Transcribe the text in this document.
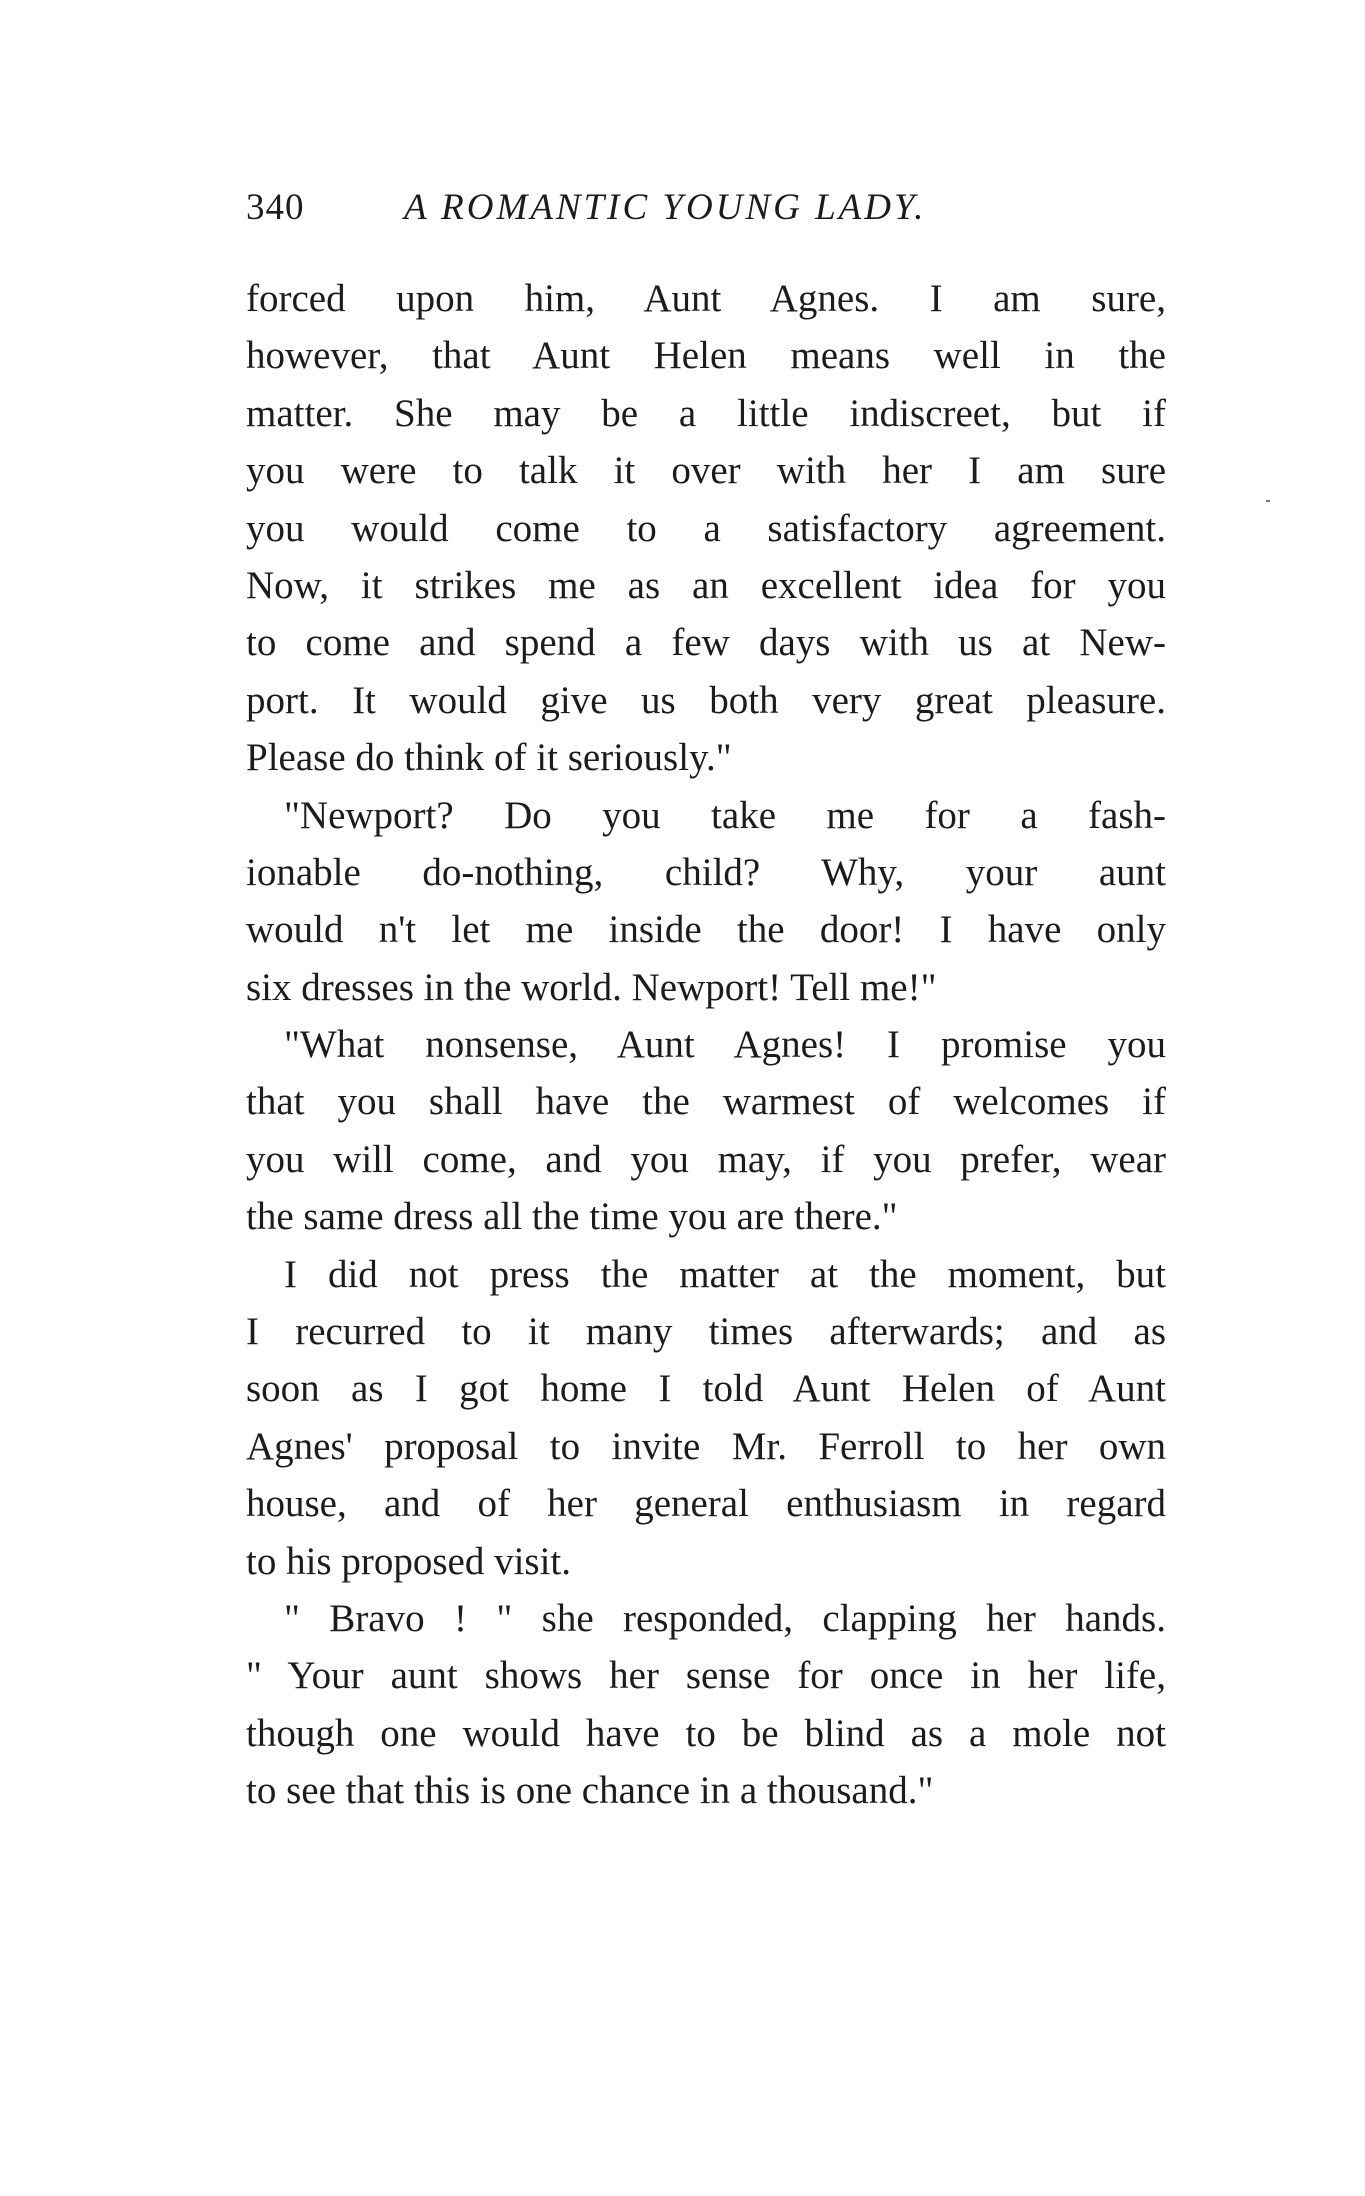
340	A ROMANTIC YOUNG LADY.
forced upon him, Aunt Agnes. I am sure,
however, that Aunt Helen means well in the
matter. She may be a little indiscreet, but if
you were to talk it over with her I am sure
you would come to a satisfactory agreement.
Now, it strikes me as an excellent idea for you
to come and spend a few days with us at New-
port. It would give us both very great pleasure.
Please do think of it seriously."
"Newport? Do you take me for a fash-
ionable do-nothing, child? Why, your aunt
would n't let me inside the door! I have only
six dresses in the world. Newport! Tell me!"
"What nonsense, Aunt Agnes! I promise you
that you shall have the warmest of welcomes if
you will come, and you may, if you prefer, wear
the same dress all the time you are there."
I did not press the matter at the moment, but
I recurred to it many times afterwards; and as
soon as I got home I told Aunt Helen of Aunt
Agnes' proposal to invite Mr. Ferroll to her own
house, and of her general enthusiasm in regard
to his proposed visit.
" Bravo ! " she responded, clapping her hands.
" Your aunt shows her sense for once in her life,
though one would have to be blind as a mole not
to see that this is one chance in a thousand."
